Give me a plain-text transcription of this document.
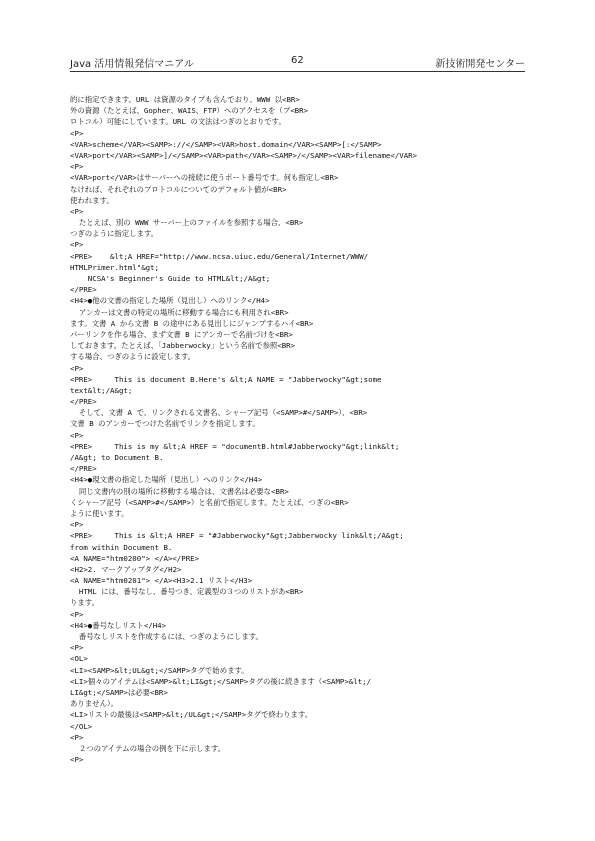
Java 活用情報発信マニアル	62	新技術開発センター
的に指定できます。URL は資源のタイプも含んでおり、WWW 以<BR>
外の資源（たとえば、Gopher、WAIS、FTP）へのアクセスを（プ<BR>
ロトコル）可能にしています。URL の文法はつぎのとおりです。
<P>
<VAR>scheme</VAR><SAMP>://</SAMP><VAR>host.domain</VAR><SAMP>[:</SAMP>
<VAR>port</VAR><SAMP>]/</SAMP><VAR>path</VAR><SAMP>/</SAMP><VAR>filename</VAR>
<P>
<VAR>port</VAR>はサーバーへの接続に使うポート番号です。何も指定し<BR>
なければ、それぞれのプロトコルについてのデフォルト値が<BR>
使われます。
<P>
たとえば、別の WWW サーバー上のファイルを参照する場合、<BR>
つぎのように指定します。
<P>
<PRE>    &lt;A HREF="http://www.ncsa.uiuc.edu/General/Internet/WWW/
HTMLPrimer.html"&gt;
NCSA's Beginner's Guide to HTML&lt;/A&gt;
</PRE>
<H4>●他の文書の指定した場所（見出し）へのリンク</H4>
アンカーは文書の特定の場所に移動する場合にも利用され<BR>
ます。文書 A から文書 B の途中にある見出しにジャンプするハイ<BR>
パーリンクを作る場合、まず文書 B にアンカーで名前づけを<BR>
しておきます。たとえば、「Jabberwocky」という名前で参照<BR>
する場合、つぎのように設定します。
<P>
<PRE>     This is document B.Here's &lt;A NAME = "Jabberwocky"&gt;some
text&lt;/A&gt;
</PRE>
そして、文書 A で、リンクされる文書名、シャープ記号（<SAMP>#</SAMP>）、<BR>
文書 B のアンカーでつけた名前でリンクを指定します。
<P>
<PRE>     This is my &lt;A HREF = "documentB.html#Jabberwocky"&gt;link&lt;
/A&gt; to Document B.
</PRE>
<H4>●現文書の指定した場所（見出し）へのリンク</H4>
同じ文書内の別の場所に移動する場合は、文書名は必要な<BR>
くシャープ記号（<SAMP>#</SAMP>）と名前で指定します。たとえば、つぎの<BR>
ように使います。
<P>
<PRE>     This is &lt;A HREF = "#Jabberwocky"&gt;Jabberwocky link&lt;/A&gt;
from within Document B.
<A NAME="htm0200"> </A></PRE>
<H2>2. マークアップタグ</H2>
<A NAME="htm0201"> </A><H3>2.1 リスト</H3>
HTML には、番号なし、番号つき、定義型の３つのリストがあ<BR>
ります。
<P>
<H4>●番号なしリスト</H4>
番号なしリストを作成するには、つぎのようにします。
<P>
<OL>
<LI><SAMP>&lt;UL&gt;</SAMP>タグで始めます。
<LI>個々のアイテムは<SAMP>&lt;LI&gt;</SAMP>タグの後に続きます（<SAMP>&lt;/
LI&gt;</SAMP>は必要<BR>
ありません）。
<LI>リストの最後は<SAMP>&lt;/UL&gt;</SAMP>タグで終わります。
</OL>
<P>
２つのアイテムの場合の例を下に示します。
<P>
